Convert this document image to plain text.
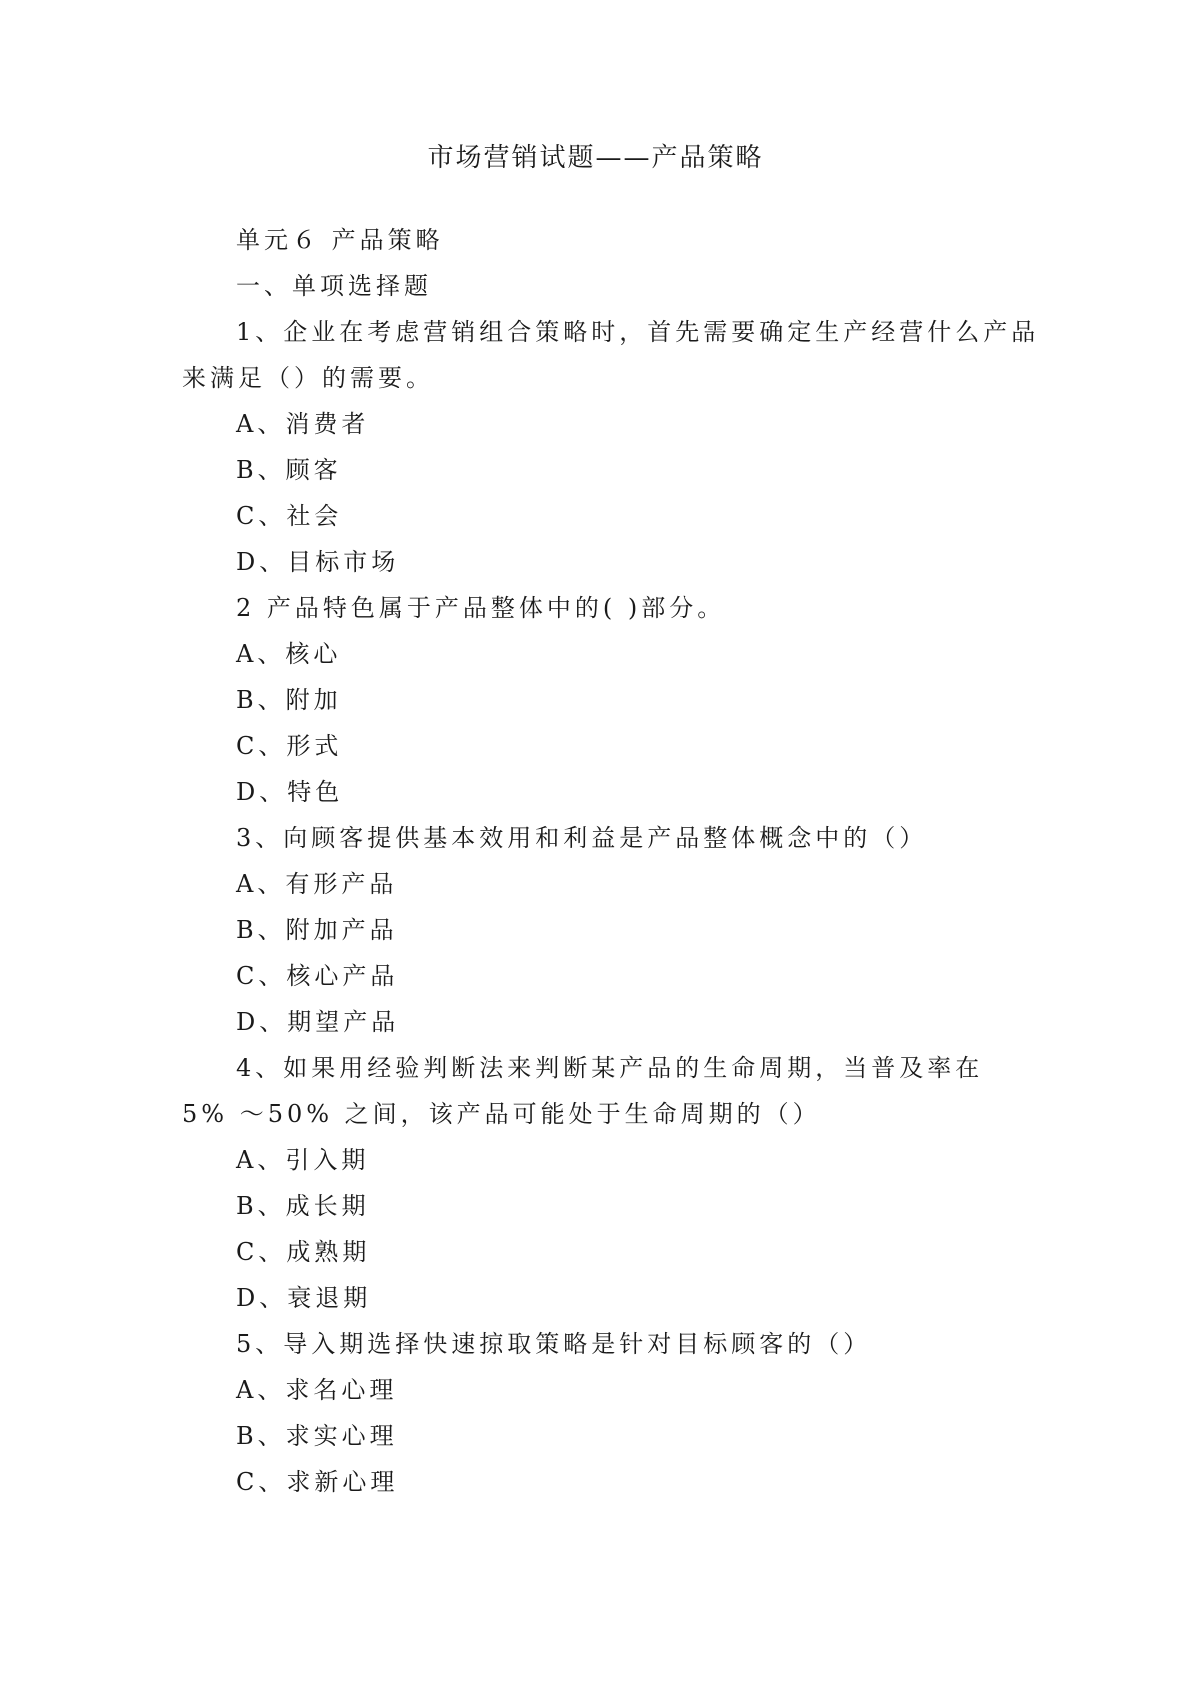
市场营销试题——产品策略
单元６ 产品策略
一、单项选择题
1、企业在考虑营销组合策略时，首先需要确定生产经营什么产品
来满足（）的需要。
A、消费者
B、顾客
C、社会
D、目标市场
2 产品特色属于产品整体中的( )部分。
A、核心
B、附加
C、形式
D、特色
3、向顾客提供基本效用和利益是产品整体概念中的（）
A、有形产品
B、附加产品
C、核心产品
D、期望产品
4、如果用经验判断法来判断某产品的生命周期，当普及率在
5% ～50% 之间，该产品可能处于生命周期的（）
A、引入期
B、成长期
C、成熟期
D、衰退期
5、导入期选择快速掠取策略是针对目标顾客的（）
A、求名心理
B、求实心理
C、求新心理
